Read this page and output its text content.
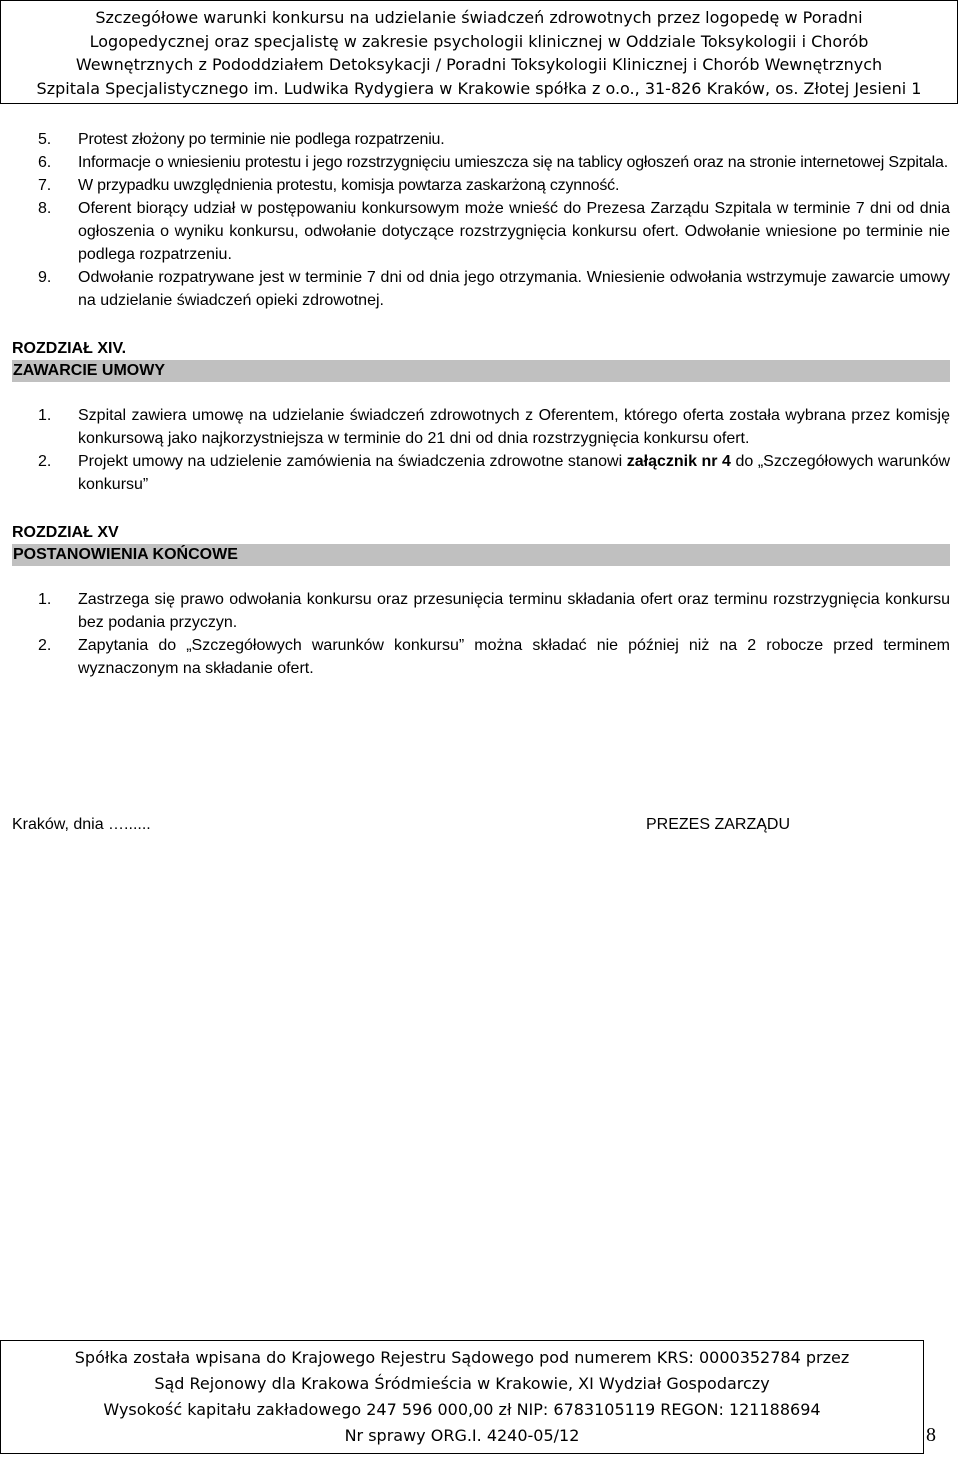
Szczegółowe warunki konkursu na udzielanie świadczeń zdrowotnych przez logopedę w Poradni
Logopedycznej oraz specjalistę w zakresie psychologii klinicznej w Oddziale Toksykologii i Chorób
Wewnętrznych z Pododdziałem Detoksykacji / Poradni Toksykologii Klinicznej i Chorób Wewnętrznych
Szpitala Specjalistycznego im. Ludwika Rydygiera w Krakowie spółka z o.o., 31-826 Kraków, os. Złotej Jesieni 1
5. Protest złożony po terminie nie podlega rozpatrzeniu.
6. Informacje o wniesieniu protestu i jego rozstrzygnięciu umieszcza się na tablicy ogłoszeń oraz na stronie internetowej Szpitala.
7. W przypadku uwzględnienia protestu, komisja powtarza zaskarżoną czynność.
8. Oferent biorący udział w postępowaniu konkursowym może wnieść do Prezesa Zarządu Szpitala w terminie 7 dni od dnia ogłoszenia o wyniku konkursu, odwołanie dotyczące rozstrzygnięcia konkursu ofert. Odwołanie wniesione po terminie nie podlega rozpatrzeniu.
9. Odwołanie rozpatrywane jest w terminie 7 dni od dnia jego otrzymania. Wniesienie odwołania wstrzymuje zawarcie umowy na udzielanie świadczeń opieki zdrowotnej.
ROZDZIAŁ XIV.
ZAWARCIE UMOWY
1. Szpital zawiera umowę na udzielanie świadczeń zdrowotnych z Oferentem, którego oferta została wybrana przez komisję konkursową jako najkorzystniejsza w terminie do 21 dni od dnia rozstrzygnięcia konkursu ofert.
2. Projekt umowy na udzielenie zamówienia na świadczenia zdrowotne stanowi załącznik nr 4 do „Szczegółowych warunków konkursu”
ROZDZIAŁ XV
POSTANOWIENIA KOŃCOWE
1. Zastrzega się prawo odwołania konkursu oraz przesunięcia terminu składania ofert oraz terminu rozstrzygnięcia konkursu bez podania przyczyn.
2. Zapytania do „Szczegółowych warunków konkursu” można składać nie później niż na 2 robocze przed terminem wyznaczonym na składanie ofert.
Kraków, dnia …......	PREZES ZARZĄDU
Spółka została wpisana do Krajowego Rejestru Sądowego pod numerem KRS: 0000352784 przez
Sąd Rejonowy dla Krakowa Śródmieścia w Krakowie, XI Wydział Gospodarczy
Wysokość kapitału zakładowego 247 596 000,00 zł NIP: 6783105119 REGON: 121188694
Nr sprawy ORG.I. 4240-05/12	8
